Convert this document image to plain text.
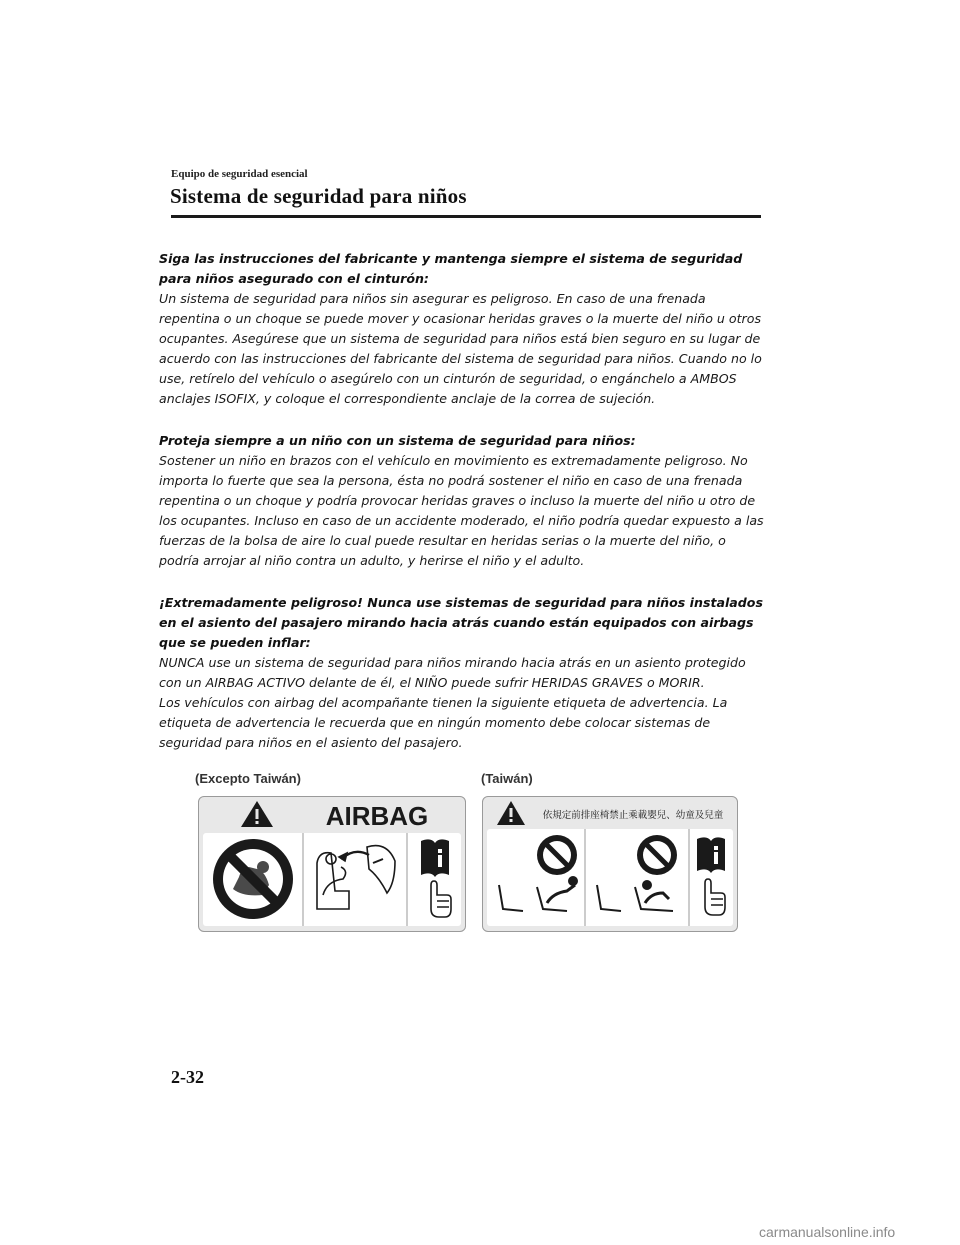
Equipo de seguridad esencial
Sistema de seguridad para niños

Siga las instrucciones del fabricante y mantenga siempre el sistema de seguridad para niños asegurado con el cinturón:

Un sistema de seguridad para niños sin asegurar es peligroso. En caso de una frenada repentina o un choque se puede mover y ocasionar heridas graves o la muerte del niño u otros ocupantes. Asegúrese que un sistema de seguridad para niños está bien seguro en su lugar de acuerdo con las instrucciones del fabricante del sistema de seguridad para niños. Cuando no lo use, retírelo del vehículo o asegúrelo con un cinturón de seguridad, o engánchelo a AMBOS anclajes ISOFIX, y coloque el correspondiente anclaje de la correa de sujeción.

Proteja siempre a un niño con un sistema de seguridad para niños:

Sostener un niño en brazos con el vehículo en movimiento es extremadamente peligroso. No importa lo fuerte que sea la persona, ésta no podrá sostener el niño en caso de una frenada repentina o un choque y podría provocar heridas graves o incluso la muerte del niño u otro de los ocupantes. Incluso en caso de un accidente moderado, el niño podría quedar expuesto a las fuerzas de la bolsa de aire lo cual puede resultar en heridas serias o la muerte del niño, o podría arrojar al niño contra un adulto, y herirse el niño y el adulto.

¡Extremadamente peligroso! Nunca use sistemas de seguridad para niños instalados en el asiento del pasajero mirando hacia atrás cuando están equipados con airbags que se pueden inflar:

NUNCA use un sistema de seguridad para niños mirando hacia atrás en un asiento protegido con un AIRBAG ACTIVO delante de él, el NIÑO puede sufrir HERIDAS GRAVES o MORIR.

Los vehículos con airbag del acompañante tienen la siguiente etiqueta de advertencia. La etiqueta de advertencia le recuerda que en ningún momento debe colocar sistemas de seguridad para niños en el asiento del pasajero.

(Excepto Taiwán)	(Taiwán)
AIRBAG	依規定前排座椅禁止乘載嬰兒、幼童及兒童
2-32
carmanualsonline.info
